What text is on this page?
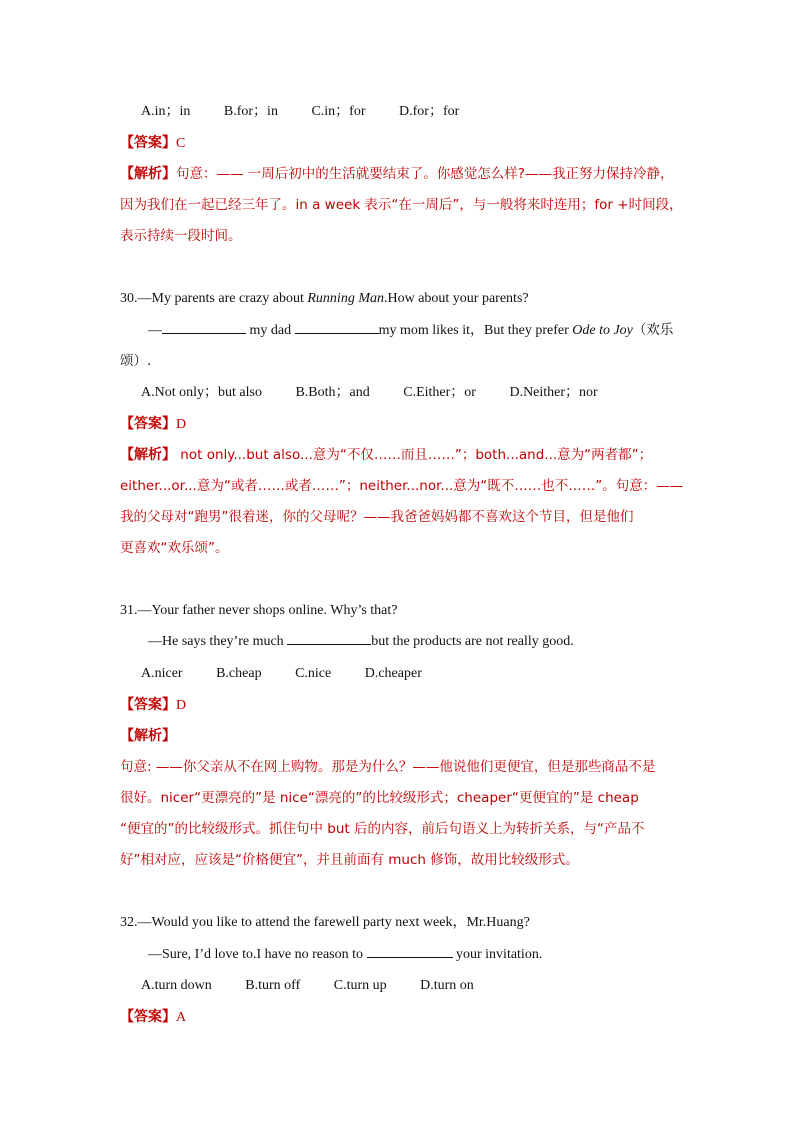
A.in；in B.for；in C.in；for D.for；for
【答案】C
【解析】句意：—— 一周后初中的生活就要结束了。你感觉怎么样?——我正努力保持冷静，
因为我们在一起已经三年了。in a week 表示“在一周后”，与一般将来时连用；for +时间段，
表示持续一段时间。
30.—My parents are crazy about Running Man.How about your parents?
—	my dad	my mom likes it，But they prefer Ode to Joy（欢乐
颂）.
A.Not only；but also B.Both；and C.Either；or D.Neither；nor
【答案】D
【解析】 not only...but also...意为“不仅……而且……”；both...and...意为“两者都”；
either...or...意为“或者……或者……”；neither...nor...意为“既不……也不……”。句意：——
我的父母对“跑男”很着迷，你的父母呢？——我爸爸妈妈都不喜欢这个节目，但是他们
更喜欢“欢乐颂”。
31.—Your father never shops online. Why’s that?
—He says they’re much	but the products are not really good.
A.nicer B.cheap C.nice D.cheaper
【答案】D
【解析】
句意: ——你父亲从不在网上购物。那是为什么？——他说他们更便宜，但是那些商品不是
很好。nicer“更漂亮的”是 nice“漂亮的”的比较级形式；cheaper“更便宜的”是 cheap
“便宜的”的比较级形式。抓住句中 but 后的内容，前后句语义上为转折关系，与“产品不
好”相对应，应该是“价格便宜”，并且前面有 much 修饰，故用比较级形式。
32.—Would you like to attend the farewell party next week，Mr.Huang?
—Sure, I’d love to.I have no reason to	your invitation.
A.turn down B.turn off C.turn up D.turn on
【答案】A
